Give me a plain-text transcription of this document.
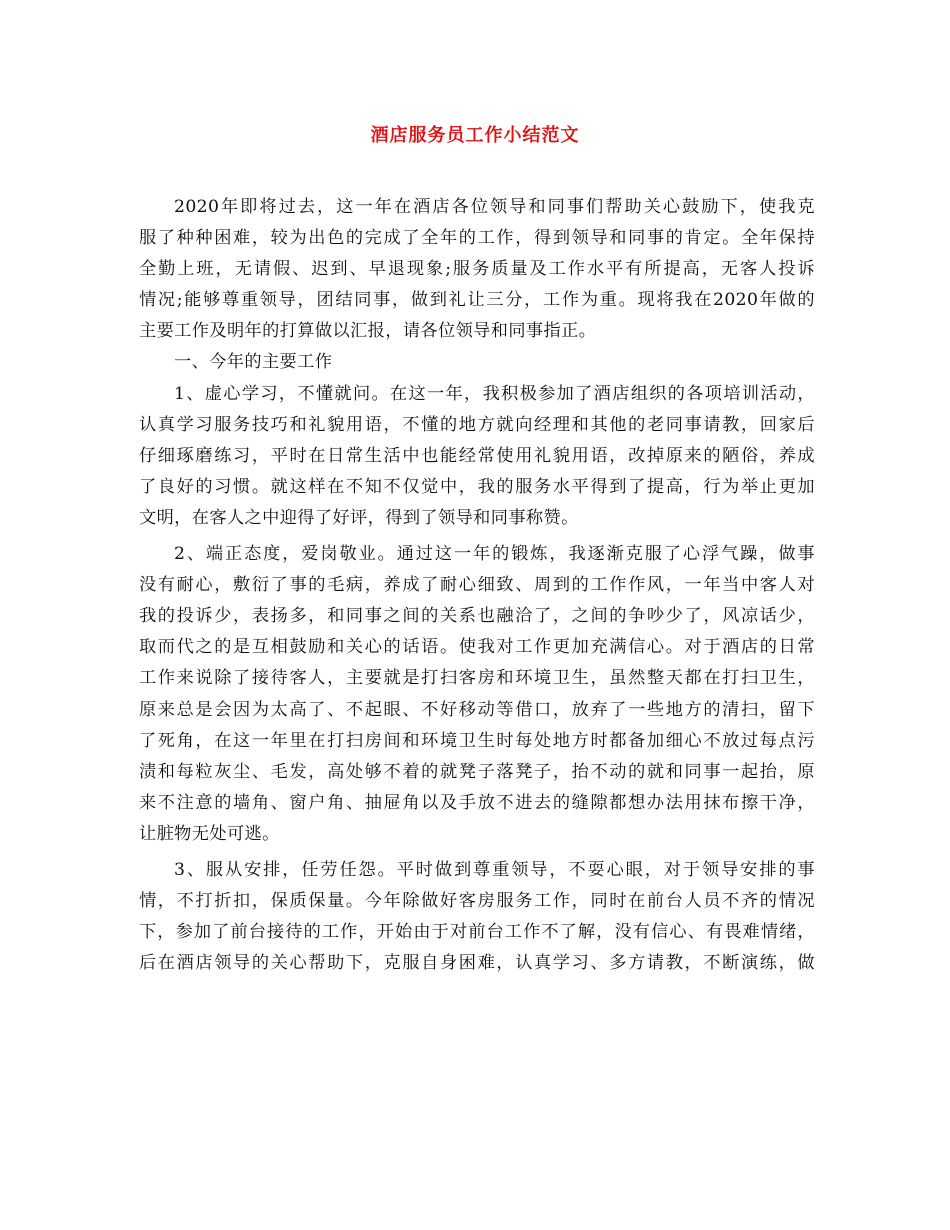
酒店服务员工作小结范文
2020年即将过去，这一年在酒店各位领导和同事们帮助关心鼓励下，使我克
服了种种困难，较为出色的完成了全年的工作，得到领导和同事的肯定。全年保持
全勤上班，无请假、迟到、早退现象;服务质量及工作水平有所提高，无客人投诉
情况;能够尊重领导，团结同事，做到礼让三分，工作为重。现将我在2020年做的
主要工作及明年的打算做以汇报，请各位领导和同事指正。
一、今年的主要工作
1、虚心学习，不懂就问。在这一年，我积极参加了酒店组织的各项培训活动，
认真学习服务技巧和礼貌用语，不懂的地方就向经理和其他的老同事请教，回家后
仔细琢磨练习，平时在日常生活中也能经常使用礼貌用语，改掉原来的陋俗，养成
了良好的习惯。就这样在不知不仅觉中，我的服务水平得到了提高，行为举止更加
文明，在客人之中迎得了好评，得到了领导和同事称赞。
2、端正态度，爱岗敬业。通过这一年的锻炼，我逐渐克服了心浮气躁，做事
没有耐心，敷衍了事的毛病，养成了耐心细致、周到的工作作风，一年当中客人对
我的投诉少，表扬多，和同事之间的关系也融洽了，之间的争吵少了，风凉话少，
取而代之的是互相鼓励和关心的话语。使我对工作更加充满信心。对于酒店的日常
工作来说除了接待客人，主要就是打扫客房和环境卫生，虽然整天都在打扫卫生，
原来总是会因为太高了、不起眼、不好移动等借口，放弃了一些地方的清扫，留下
了死角，在这一年里在打扫房间和环境卫生时每处地方时都备加细心不放过每点污
渍和每粒灰尘、毛发，高处够不着的就凳子落凳子，抬不动的就和同事一起抬，原
来不注意的墙角、窗户角、抽屉角以及手放不进去的缝隙都想办法用抹布擦干净，
让脏物无处可逃。
3、服从安排，任劳任怨。平时做到尊重领导，不耍心眼，对于领导安排的事
情，不打折扣，保质保量。今年除做好客房服务工作，同时在前台人员不齐的情况
下，参加了前台接待的工作，开始由于对前台工作不了解，没有信心、有畏难情绪，
后在酒店领导的关心帮助下，克服自身困难，认真学习、多方请教，不断演练，做
